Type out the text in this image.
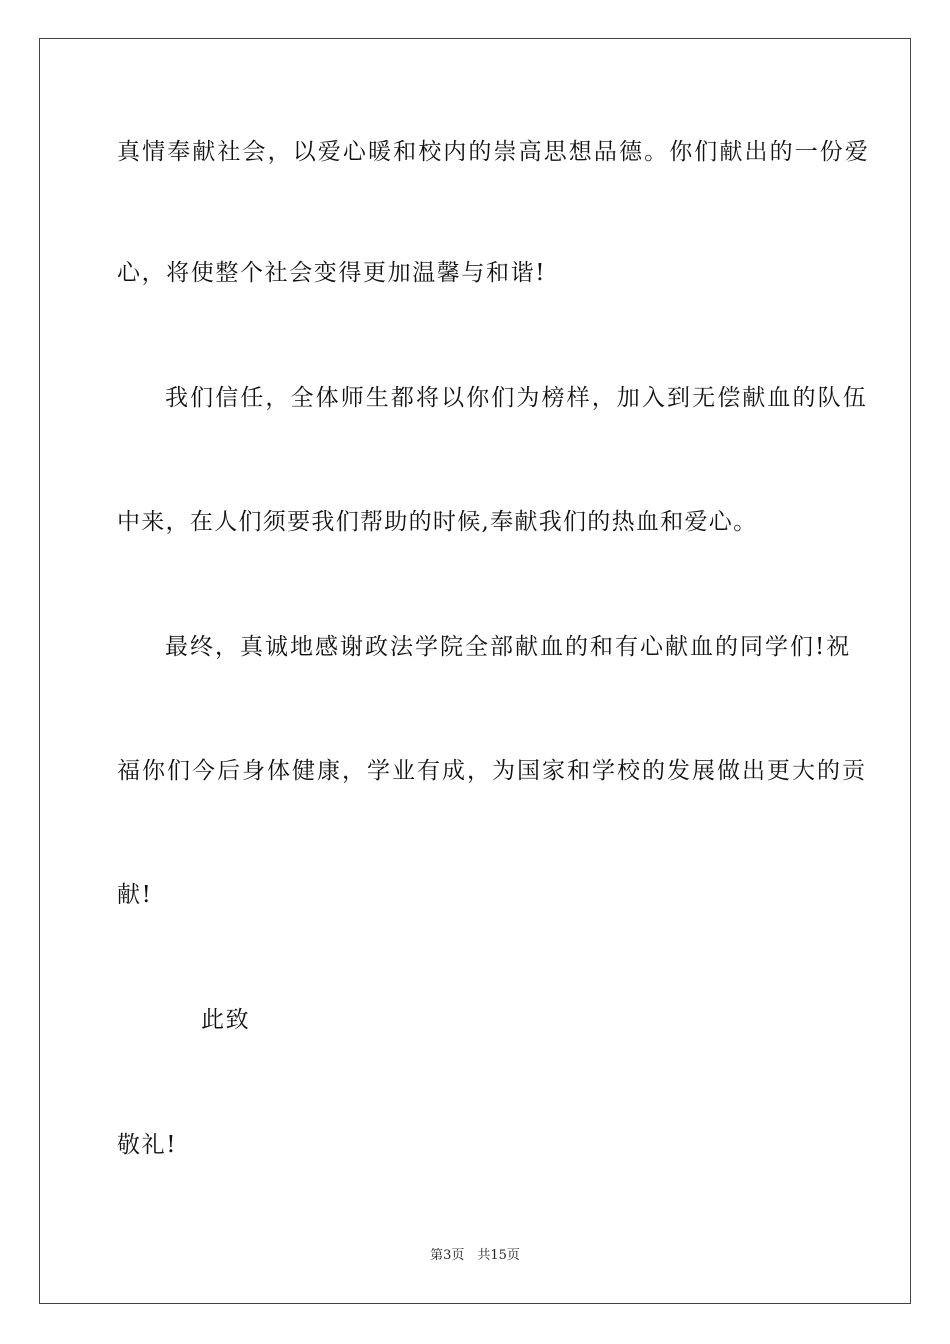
真情奉献社会，以爱心暖和校内的崇高思想品德。你们献出的一份爱
心，将使整个社会变得更加温馨与和谐!
我们信任，全体师生都将以你们为榜样，加入到无偿献血的队伍
中来，在人们须要我们帮助的时候,奉献我们的热血和爱心。
最终，真诚地感谢政法学院全部献血的和有心献血的同学们!祝
福你们今后身体健康，学业有成，为国家和学校的发展做出更大的贡
献!
此致
敬礼!
第3页　共15页
